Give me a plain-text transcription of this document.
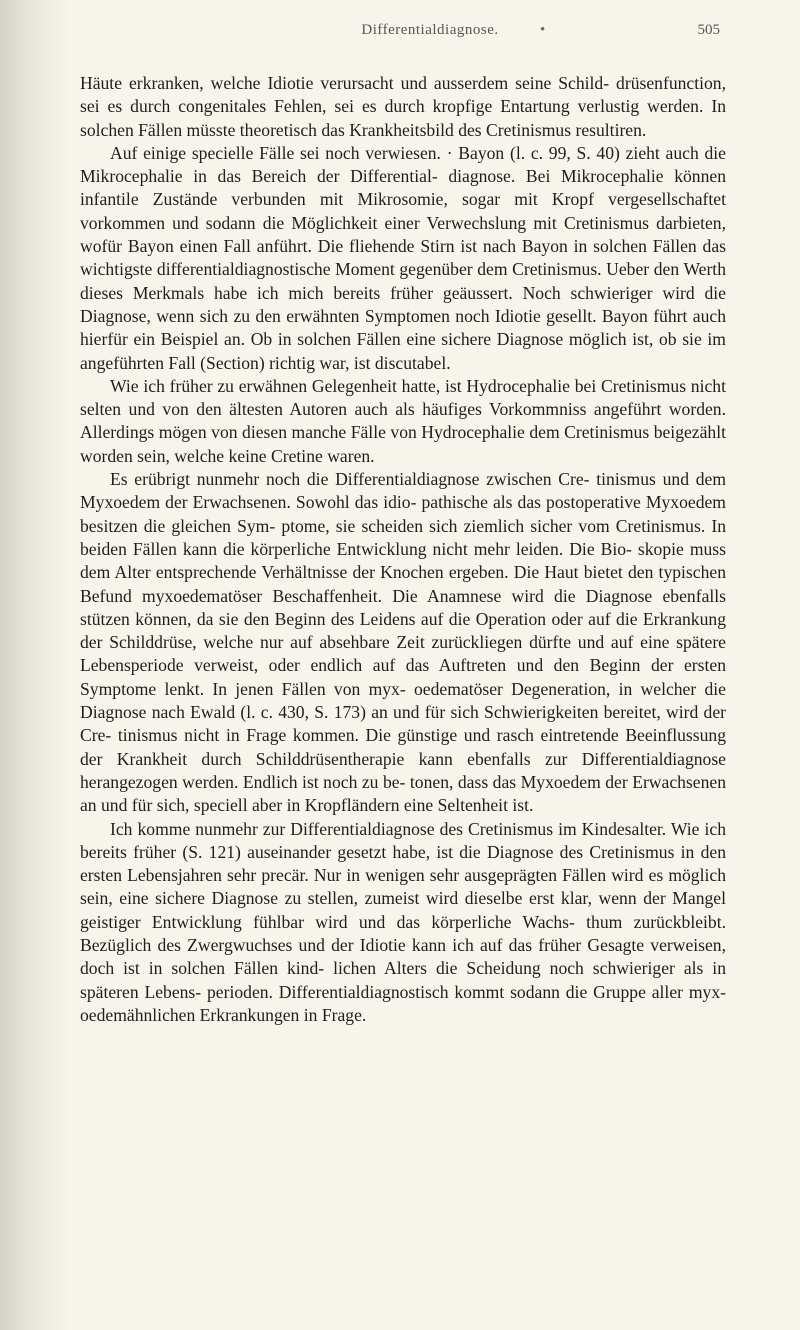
Differentialdiagnose.	•	505

Häute erkranken, welche Idiotie verursacht und ausserdem seine Schild- drüsenfunction, sei es durch congenitales Fehlen, sei es durch kropfige Entartung verlustig werden. In solchen Fällen müsste theoretisch das Krankheitsbild des Cretinismus resultiren.

Auf einige specielle Fälle sei noch verwiesen. · Bayon (l. c. 99, S. 40) zieht auch die Mikrocephalie in das Bereich der Differential- diagnose. Bei Mikrocephalie können infantile Zustände verbunden mit Mikrosomie, sogar mit Kropf vergesellschaftet vorkommen und sodann die Möglichkeit einer Verwechslung mit Cretinismus darbieten, wofür Bayon einen Fall anführt. Die fliehende Stirn ist nach Bayon in solchen Fällen das wichtigste differentialdiagnostische Moment gegenüber dem Cretinismus. Ueber den Werth dieses Merkmals habe ich mich bereits früher geäussert. Noch schwieriger wird die Diagnose, wenn sich zu den erwähnten Symptomen noch Idiotie gesellt. Bayon führt auch hierfür ein Beispiel an. Ob in solchen Fällen eine sichere Diagnose möglich ist, ob sie im angeführten Fall (Section) richtig war, ist discutabel.

Wie ich früher zu erwähnen Gelegenheit hatte, ist Hydrocephalie bei Cretinismus nicht selten und von den ältesten Autoren auch als häufiges Vorkommniss angeführt worden. Allerdings mögen von diesen manche Fälle von Hydrocephalie dem Cretinismus beigezählt worden sein, welche keine Cretine waren.

Es erübrigt nunmehr noch die Differentialdiagnose zwischen Cre- tinismus und dem Myxoedem der Erwachsenen. Sowohl das idio- pathische als das postoperative Myxoedem besitzen die gleichen Sym- ptome, sie scheiden sich ziemlich sicher vom Cretinismus. In beiden Fällen kann die körperliche Entwicklung nicht mehr leiden. Die Bio- skopie muss dem Alter entsprechende Verhältnisse der Knochen ergeben. Die Haut bietet den typischen Befund myxoedematöser Beschaffenheit. Die Anamnese wird die Diagnose ebenfalls stützen können, da sie den Beginn des Leidens auf die Operation oder auf die Erkrankung der Schilddrüse, welche nur auf absehbare Zeit zurückliegen dürfte und auf eine spätere Lebensperiode verweist, oder endlich auf das Auftreten und den Beginn der ersten Symptome lenkt. In jenen Fällen von myx- oedematöser Degeneration, in welcher die Diagnose nach Ewald (l. c. 430, S. 173) an und für sich Schwierigkeiten bereitet, wird der Cre- tinismus nicht in Frage kommen. Die günstige und rasch eintretende Beeinflussung der Krankheit durch Schilddrüsentherapie kann ebenfalls zur Differentialdiagnose herangezogen werden. Endlich ist noch zu be- tonen, dass das Myxoedem der Erwachsenen an und für sich, speciell aber in Kropfländern eine Seltenheit ist.

Ich komme nunmehr zur Differentialdiagnose des Cretinismus im Kindesalter. Wie ich bereits früher (S. 121) auseinander gesetzt habe, ist die Diagnose des Cretinismus in den ersten Lebensjahren sehr precär. Nur in wenigen sehr ausgeprägten Fällen wird es möglich sein, eine sichere Diagnose zu stellen, zumeist wird dieselbe erst klar, wenn der Mangel geistiger Entwicklung fühlbar wird und das körperliche Wachs- thum zurückbleibt. Bezüglich des Zwergwuchses und der Idiotie kann ich auf das früher Gesagte verweisen, doch ist in solchen Fällen kind- lichen Alters die Scheidung noch schwieriger als in späteren Lebens- perioden. Differentialdiagnostisch kommt sodann die Gruppe aller myx- oedemähnlichen Erkrankungen in Frage.
